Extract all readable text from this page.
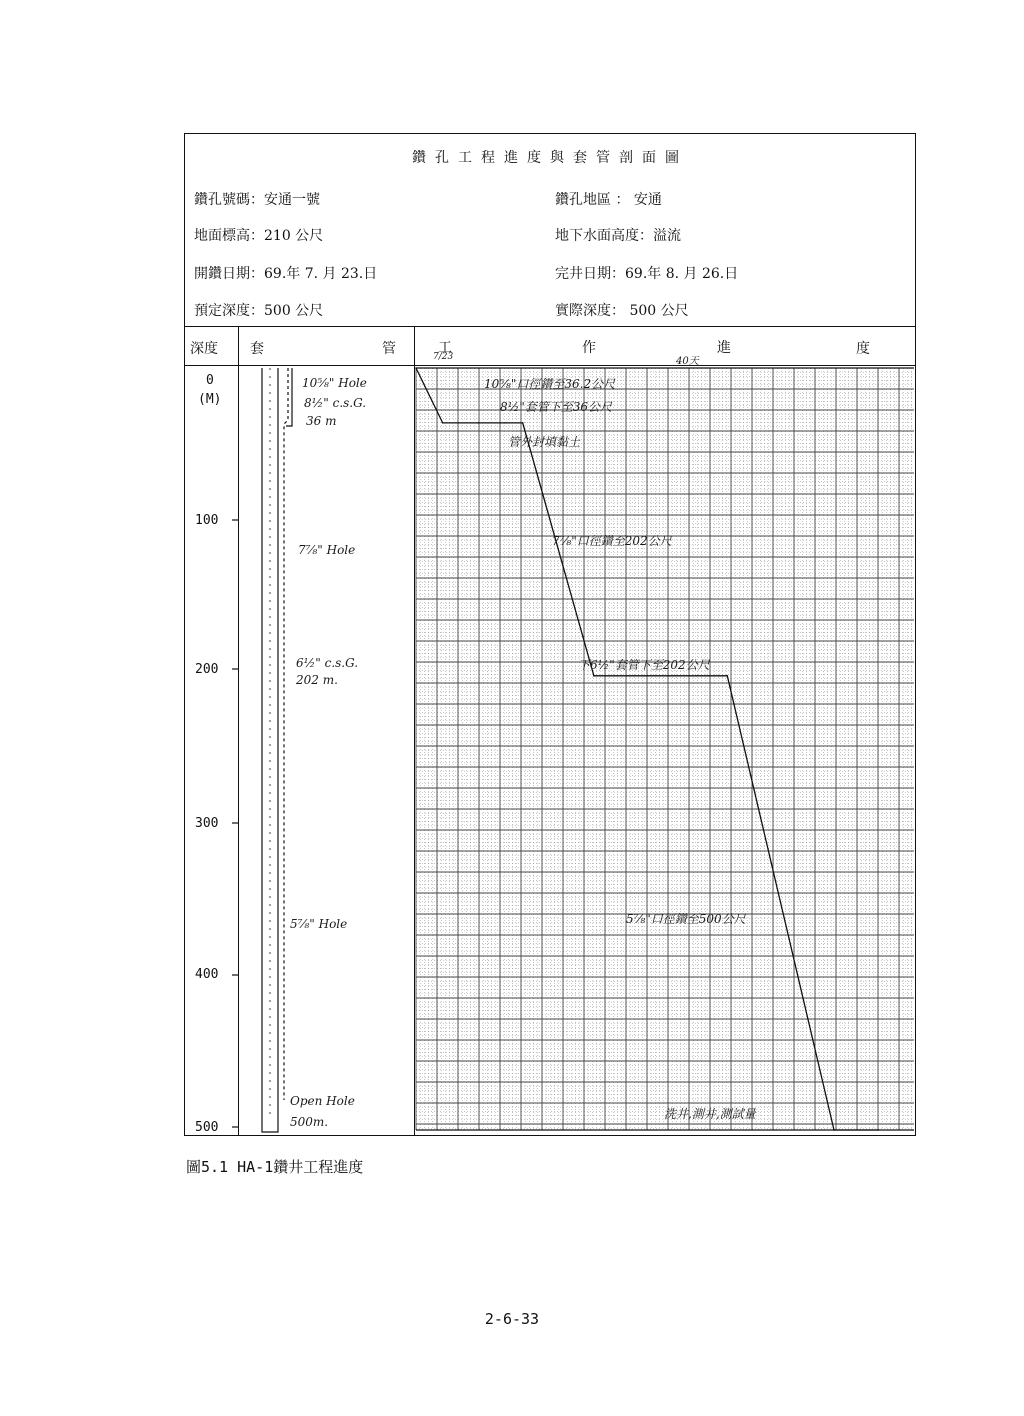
鑽孔工程進度與套管剖面圖
鑽孔號碼：安通一號	鑽孔地區 ： 安通
地面標高：210 公尺	地下水面高度：溢流
開鑽日期：69.年 7. 月 23.日	完井日期：69.年 8. 月 26.日
預定深度：500 公尺	實際深度： 500 公尺
深度 套	管	工	作	進	度
7/23	40天
0
(M)
100
200
300
400
500
10⅝" Hole
8½" c.s.G.
36 m
7⅞" Hole
6½" c.s.G.
202 m.
5⅞" Hole
Open Hole
500m.
10⅝"口徑鑽至36.2公尺
8½"套管下至36公尺
管外封填黏土
7⅞"口徑鑽至202公尺
下6½"套管下至202公尺
5⅞"口徑鑽至500公尺
洗井,測井,測試量
圖5.1 HA-1鑽井工程進度
2-6-33
